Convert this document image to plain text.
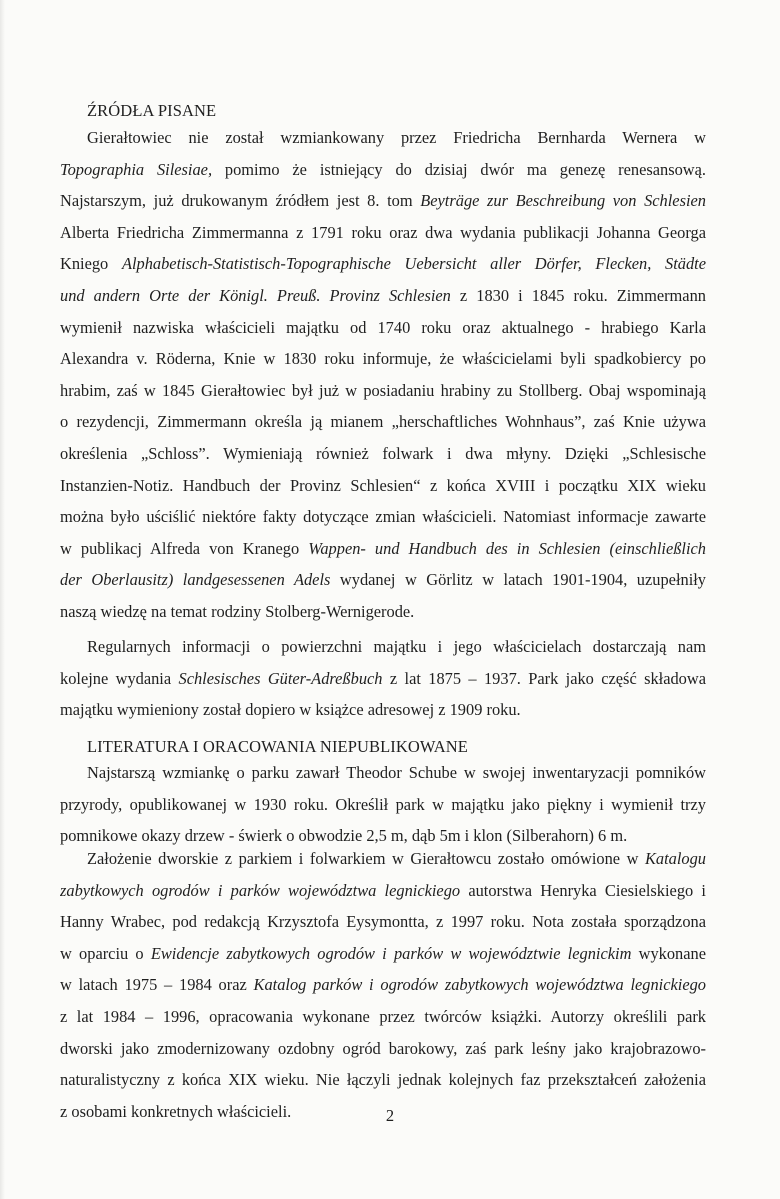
ŹRÓDŁA PISANE
Gierałtowiec nie został wzmiankowany przez Friedricha Bernharda Wernera w
Topographia Silesiae, pomimo że istniejący do dzisiaj dwór ma genezę renesansową.
Najstarszym, już drukowanym źródłem jest 8. tom Beyträge zur Beschreibung von Schlesien
Alberta Friedricha Zimmermanna z 1791 roku oraz dwa wydania publikacji Johanna Georga
Kniego Alphabetisch-Statistisch-Topographische Uebersicht aller Dörfer, Flecken, Städte
und andern Orte der Königl. Preuß. Provinz Schlesien z 1830 i 1845 roku. Zimmermann
wymienił nazwiska właścicieli majątku od 1740 roku oraz aktualnego - hrabiego Karla
Alexandra v. Röderna, Knie w 1830 roku informuje, że właścicielami byli spadkobiercy po
hrabim, zaś w 1845 Gierałtowiec był już w posiadaniu hrabiny zu Stollberg. Obaj wspominają
o rezydencji, Zimmermann określa ją mianem „herschaftliches Wohnhaus”, zaś Knie używa
określenia „Schloss”. Wymieniają również folwark i dwa młyny. Dzięki „Schlesische
Instanzien-Notiz. Handbuch der Provinz Schlesien“ z końca XVIII i początku XIX wieku
można było uściślić niektóre fakty dotyczące zmian właścicieli. Natomiast informacje zawarte
w publikacj Alfreda von Kranego Wappen- und Handbuch des in Schlesien (einschließlich
der Oberlausitz) landgesessenen Adels wydanej w Görlitz w latach 1901-1904, uzupełniły
naszą wiedzę na temat rodziny Stolberg-Wernigerode.
Regularnych informacji o powierzchni majątku i jego właścicielach dostarczają nam
kolejne wydania Schlesisches Güter-Adreßbuch z lat 1875 – 1937. Park jako część składowa
majątku wymieniony został dopiero w książce adresowej z 1909 roku.
LITERATURA I ORACOWANIA NIEPUBLIKOWANE
Najstarszą wzmiankę o parku zawarł Theodor Schube w swojej inwentaryzacji pomników
przyrody, opublikowanej w 1930 roku. Określił park w majątku jako piękny i wymienił trzy
pomnikowe okazy drzew - świerk o obwodzie 2,5 m, dąb 5m i klon (Silberahorn) 6 m.
Założenie dworskie z parkiem i folwarkiem w Gierałtowcu zostało omówione w Katalogu
zabytkowych ogrodów i parków województwa legnickiego autorstwa Henryka Ciesielskiego i
Hanny Wrabec, pod redakcją Krzysztofa Eysymontta, z 1997 roku. Nota została sporządzona
w oparciu o Ewidencje zabytkowych ogrodów i parków w województwie legnickim wykonane
w latach 1975 – 1984 oraz Katalog parków i ogrodów zabytkowych województwa legnickiego
z lat 1984 – 1996, opracowania wykonane przez twórców książki. Autorzy określili park
dworski jako zmodernizowany ozdobny ogród barokowy, zaś park leśny jako krajobrazowo-
naturalistyczny z końca XIX wieku. Nie łączyli jednak kolejnych faz przekształceń założenia
z osobami konkretnych właścicieli.	2
